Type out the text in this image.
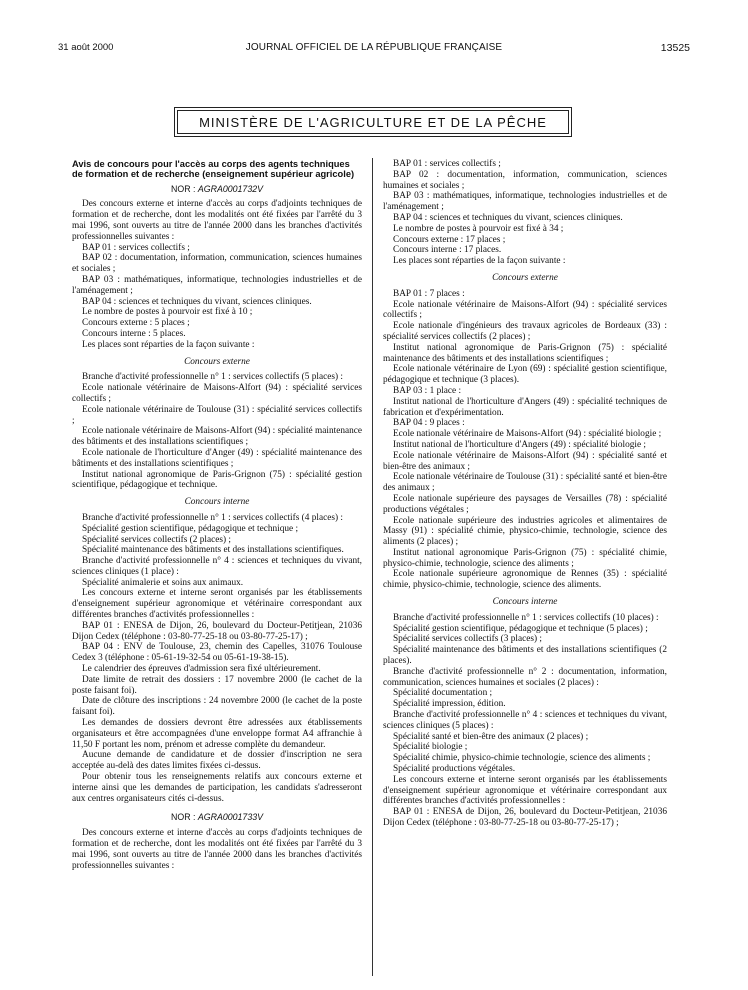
31 août 2000	JOURNAL OFFICIEL DE LA RÉPUBLIQUE FRANÇAISE	13525
MINISTÈRE DE L'AGRICULTURE ET DE LA PÊCHE

Avis de concours pour l'accès au corps des agents techniques de formation et de recherche (enseignement supérieur agricole)

NOR : AGRA0001732V

Des concours externe et interne d'accès au corps d'adjoints techniques de formation et de recherche, dont les modalités ont été fixées par l'arrêté du 3 mai 1996, sont ouverts au titre de l'année 2000 dans les branches d'activités professionnelles suivantes :

BAP 01 : services collectifs ;

BAP 02 : documentation, information, communication, sciences humaines et sociales ;

BAP 03 : mathématiques, informatique, technologies industrielles et de l'aménagement ;

BAP 04 : sciences et techniques du vivant, sciences cliniques.

Le nombre de postes à pourvoir est fixé à 10 ;

Concours externe : 5 places ;

Concours interne : 5 places.

Les places sont réparties de la façon suivante :

Concours externe

Branche d'activité professionnelle n° 1 : services collectifs (5 places) :

Ecole nationale vétérinaire de Maisons-Alfort (94) : spécialité services collectifs ;

Ecole nationale vétérinaire de Toulouse (31) : spécialité services collectifs ;

Ecole nationale vétérinaire de Maisons-Alfort (94) : spécialité maintenance des bâtiments et des installations scientifiques ;

Ecole nationale de l'horticulture d'Anger (49) : spécialité maintenance des bâtiments et des installations scientifiques ;

Institut national agronomique de Paris-Grignon (75) : spécialité gestion scientifique, pédagogique et technique.

Concours interne

Branche d'activité professionnelle n° 1 : services collectifs (4 places) :

Spécialité gestion scientifique, pédagogique et technique ;

Spécialité services collectifs (2 places) ;

Spécialité maintenance des bâtiments et des installations scientifiques.

Branche d'activité professionnelle n° 4 : sciences et techniques du vivant, sciences cliniques (1 place) :

Spécialité animalerie et soins aux animaux.

Les concours externe et interne seront organisés par les établissements d'enseignement supérieur agronomique et vétérinaire correspondant aux différentes branches d'activités professionnelles :

BAP 01 : ENESA de Dijon, 26, boulevard du Docteur-Petitjean, 21036 Dijon Cedex (téléphone : 03-80-77-25-18 ou 03-80-77-25-17) ;

BAP 04 : ENV de Toulouse, 23, chemin des Capelles, 31076 Toulouse Cedex 3 (téléphone : 05-61-19-32-54 ou 05-61-19-38-15).

Le calendrier des épreuves d'admission sera fixé ultérieurement.

Date limite de retrait des dossiers : 17 novembre 2000 (le cachet de la poste faisant foi).

Date de clôture des inscriptions : 24 novembre 2000 (le cachet de la poste faisant foi).

Les demandes de dossiers devront être adressées aux établissements organisateurs et être accompagnées d'une enveloppe format A4 affranchie à 11,50 F portant les nom, prénom et adresse complète du demandeur.

Aucune demande de candidature et de dossier d'inscription ne sera acceptée au-delà des dates limites fixées ci-dessus.

Pour obtenir tous les renseignements relatifs aux concours externe et interne ainsi que les demandes de participation, les candidats s'adresseront aux centres organisateurs cités ci-dessus.

NOR : AGRA0001733V

Des concours externe et interne d'accès au corps d'adjoints techniques de formation et de recherche, dont les modalités ont été fixées par l'arrêté du 3 mai 1996, sont ouverts au titre de l'année 2000 dans les branches d'activités professionnelles suivantes :

BAP 01 : services collectifs ;

BAP 02 : documentation, information, communication, sciences humaines et sociales ;

BAP 03 : mathématiques, informatique, technologies industrielles et de l'aménagement ;

BAP 04 : sciences et techniques du vivant, sciences cliniques.

Le nombre de postes à pourvoir est fixé à 34 ;

Concours externe : 17 places ;

Concours interne : 17 places.

Les places sont réparties de la façon suivante :

Concours externe

BAP 01 : 7 places :

Ecole nationale vétérinaire de Maisons-Alfort (94) : spécialité services collectifs ;

Ecole nationale d'ingénieurs des travaux agricoles de Bordeaux (33) : spécialité services collectifs (2 places) ;

Institut national agronomique de Paris-Grignon (75) : spécialité maintenance des bâtiments et des installations scientifiques ;

Ecole nationale vétérinaire de Lyon (69) : spécialité gestion scientifique, pédagogique et technique (3 places).

BAP 03 : 1 place :

Institut national de l'horticulture d'Angers (49) : spécialité techniques de fabrication et d'expérimentation.

BAP 04 : 9 places :

Ecole nationale vétérinaire de Maisons-Alfort (94) : spécialité biologie ;

Institut national de l'horticulture d'Angers (49) : spécialité biologie ;

Ecole nationale vétérinaire de Maisons-Alfort (94) : spécialité santé et bien-être des animaux ;

Ecole nationale vétérinaire de Toulouse (31) : spécialité santé et bien-être des animaux ;

Ecole nationale supérieure des paysages de Versailles (78) : spécialité productions végétales ;

Ecole nationale supérieure des industries agricoles et alimentaires de Massy (91) : spécialité chimie, physico-chimie, technologie, science des aliments (2 places) ;

Institut national agronomique Paris-Grignon (75) : spécialité chimie, physico-chimie, technologie, science des aliments ;

Ecole nationale supérieure agronomique de Rennes (35) : spécialité chimie, physico-chimie, technologie, science des aliments.

Concours interne

Branche d'activité professionnelle n° 1 : services collectifs (10 places) :

Spécialité gestion scientifique, pédagogique et technique (5 places) ;

Spécialité services collectifs (3 places) ;

Spécialité maintenance des bâtiments et des installations scientifiques (2 places).

Branche d'activité professionnelle n° 2 : documentation, information, communication, sciences humaines et sociales (2 places) :

Spécialité documentation ;

Spécialité impression, édition.

Branche d'activité professionnelle n° 4 : sciences et techniques du vivant, sciences cliniques (5 places) :

Spécialité santé et bien-être des animaux (2 places) ;

Spécialité biologie ;

Spécialité chimie, physico-chimie technologie, science des aliments ;

Spécialité productions végétales.

Les concours externe et interne seront organisés par les établissements d'enseignement supérieur agronomique et vétérinaire correspondant aux différentes branches d'activités professionnelles :

BAP 01 : ENESA de Dijon, 26, boulevard du Docteur-Petitjean, 21036 Dijon Cedex (téléphone : 03-80-77-25-18 ou 03-80-77-25-17) ;
